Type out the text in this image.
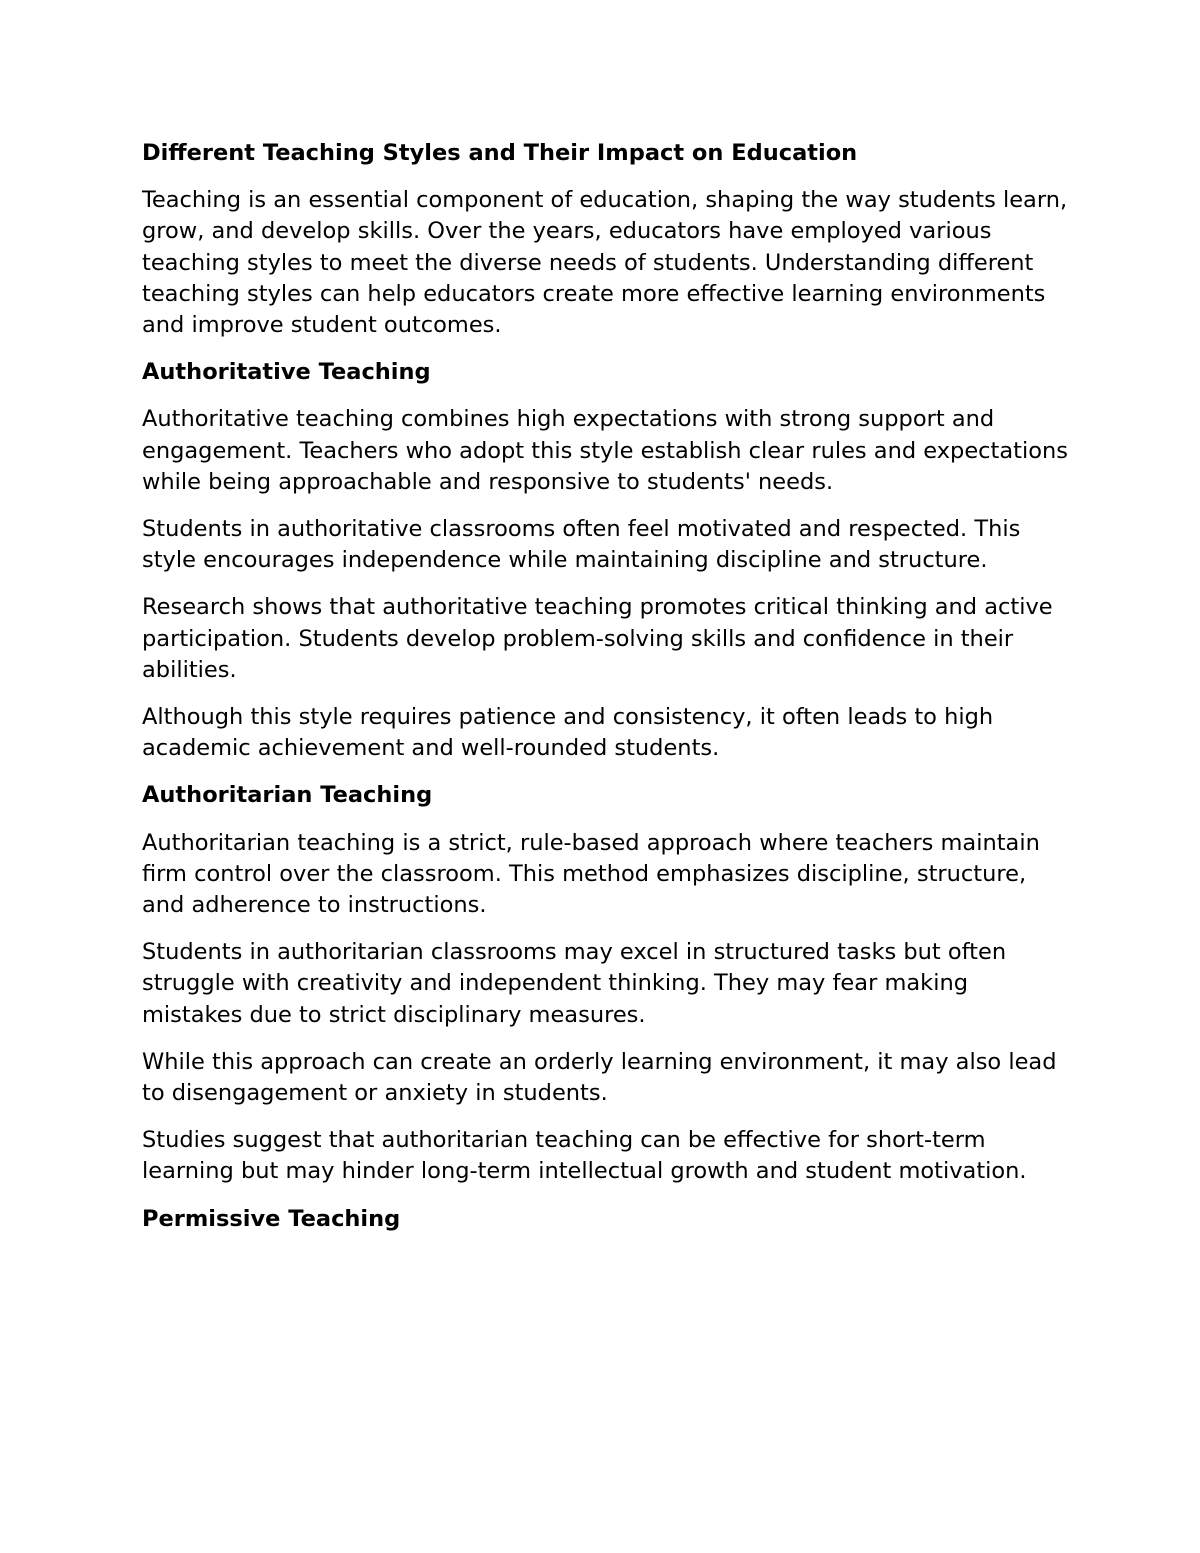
Different Teaching Styles and Their Impact on Education

Teaching is an essential component of education, shaping the way students learn, grow, and develop skills. Over the years, educators have employed various teaching styles to meet the diverse needs of students. Understanding different teaching styles can help educators create more effective learning environments and improve student outcomes.

Authoritative Teaching

Authoritative teaching combines high expectations with strong support and engagement. Teachers who adopt this style establish clear rules and expectations while being approachable and responsive to students' needs.

Students in authoritative classrooms often feel motivated and respected. This style encourages independence while maintaining discipline and structure.

Research shows that authoritative teaching promotes critical thinking and active participation. Students develop problem-solving skills and confidence in their abilities.

Although this style requires patience and consistency, it often leads to high academic achievement and well-rounded students.

Authoritarian Teaching

Authoritarian teaching is a strict, rule-based approach where teachers maintain firm control over the classroom. This method emphasizes discipline, structure, and adherence to instructions.

Students in authoritarian classrooms may excel in structured tasks but often struggle with creativity and independent thinking. They may fear making mistakes due to strict disciplinary measures.

While this approach can create an orderly learning environment, it may also lead to disengagement or anxiety in students.

Studies suggest that authoritarian teaching can be effective for short-term learning but may hinder long-term intellectual growth and student motivation.

Permissive Teaching
